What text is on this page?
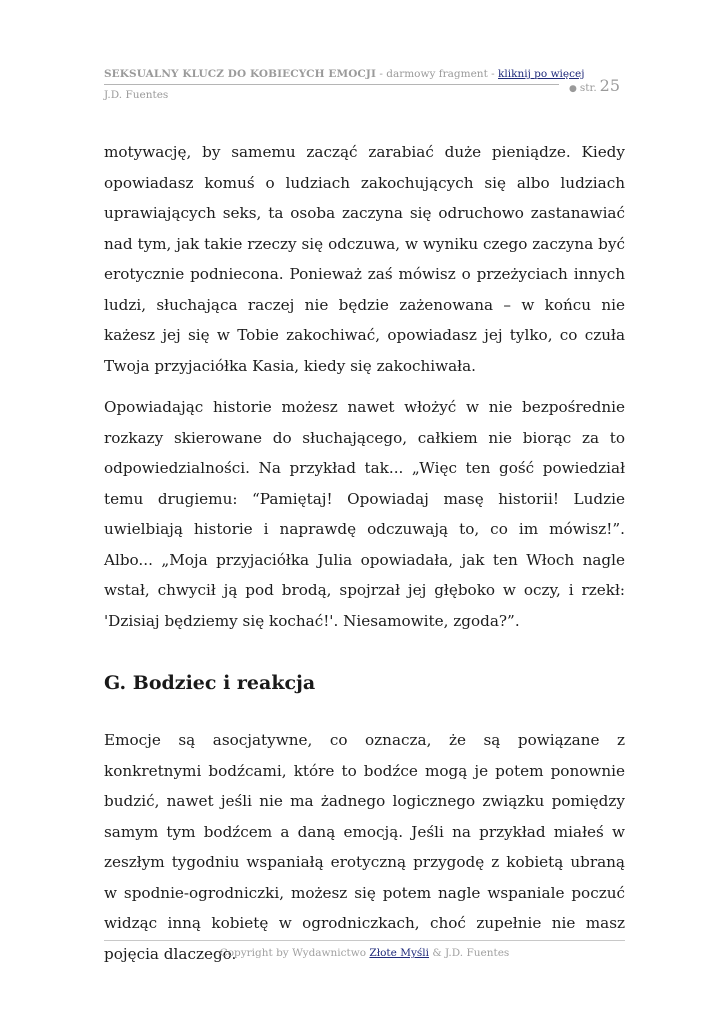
SEKSUALNY KLUCZ DO KOBIECYCH EMOCJI - darmowy fragment - kliknij po więcej
J.D. Fuentes	● str. 25

motywację, by samemu zacząć zarabiać duże pieniądze. Kiedy opowiadasz komuś o ludziach zakochujących się albo ludziach uprawiających seks, ta osoba zaczyna się odruchowo zastanawiać nad tym, jak takie rzeczy się odczuwa, w wyniku czego zaczyna być erotycznie podniecona. Ponieważ zaś mówisz o przeżyciach innych ludzi, słuchająca raczej nie będzie zażenowana – w końcu nie każesz jej się w Tobie zakochiwać, opowiadasz jej tylko, co czuła Twoja przyjaciółka Kasia, kiedy się zakochiwała.

Opowiadając historie możesz nawet włożyć w nie bezpośrednie rozkazy skierowane do słuchającego, całkiem nie biorąc za to odpowiedzialności. Na przykład tak... „Więc ten gość powiedział temu drugiemu: “Pamiętaj! Opowiadaj masę historii! Ludzie uwielbiają historie i naprawdę odczuwają to, co im mówisz!”. Albo... „Moja przyjaciółka Julia opowiadała, jak ten Włoch nagle wstał, chwycił ją pod brodą, spojrzał jej głęboko w oczy, i rzekł: 'Dzisiaj będziemy się kochać!'. Niesamowite, zgoda?”.

G. Bodziec i reakcja

Emocje są asocjatywne, co oznacza, że są powiązane z konkretnymi bodźcami, które to bodźce mogą je potem ponownie budzić, nawet jeśli nie ma żadnego logicznego związku pomiędzy samym tym bodźcem a daną emocją. Jeśli na przykład miałeś w zeszłym tygodniu wspaniałą erotyczną przygodę z kobietą ubraną w spodnie-ogrodniczki, możesz się potem nagle wspaniale poczuć widząc inną kobietę w ogrodniczkach, choć zupełnie nie masz pojęcia dlaczego.

Copyright by Wydawnictwo Złote Myśli & J.D. Fuentes
